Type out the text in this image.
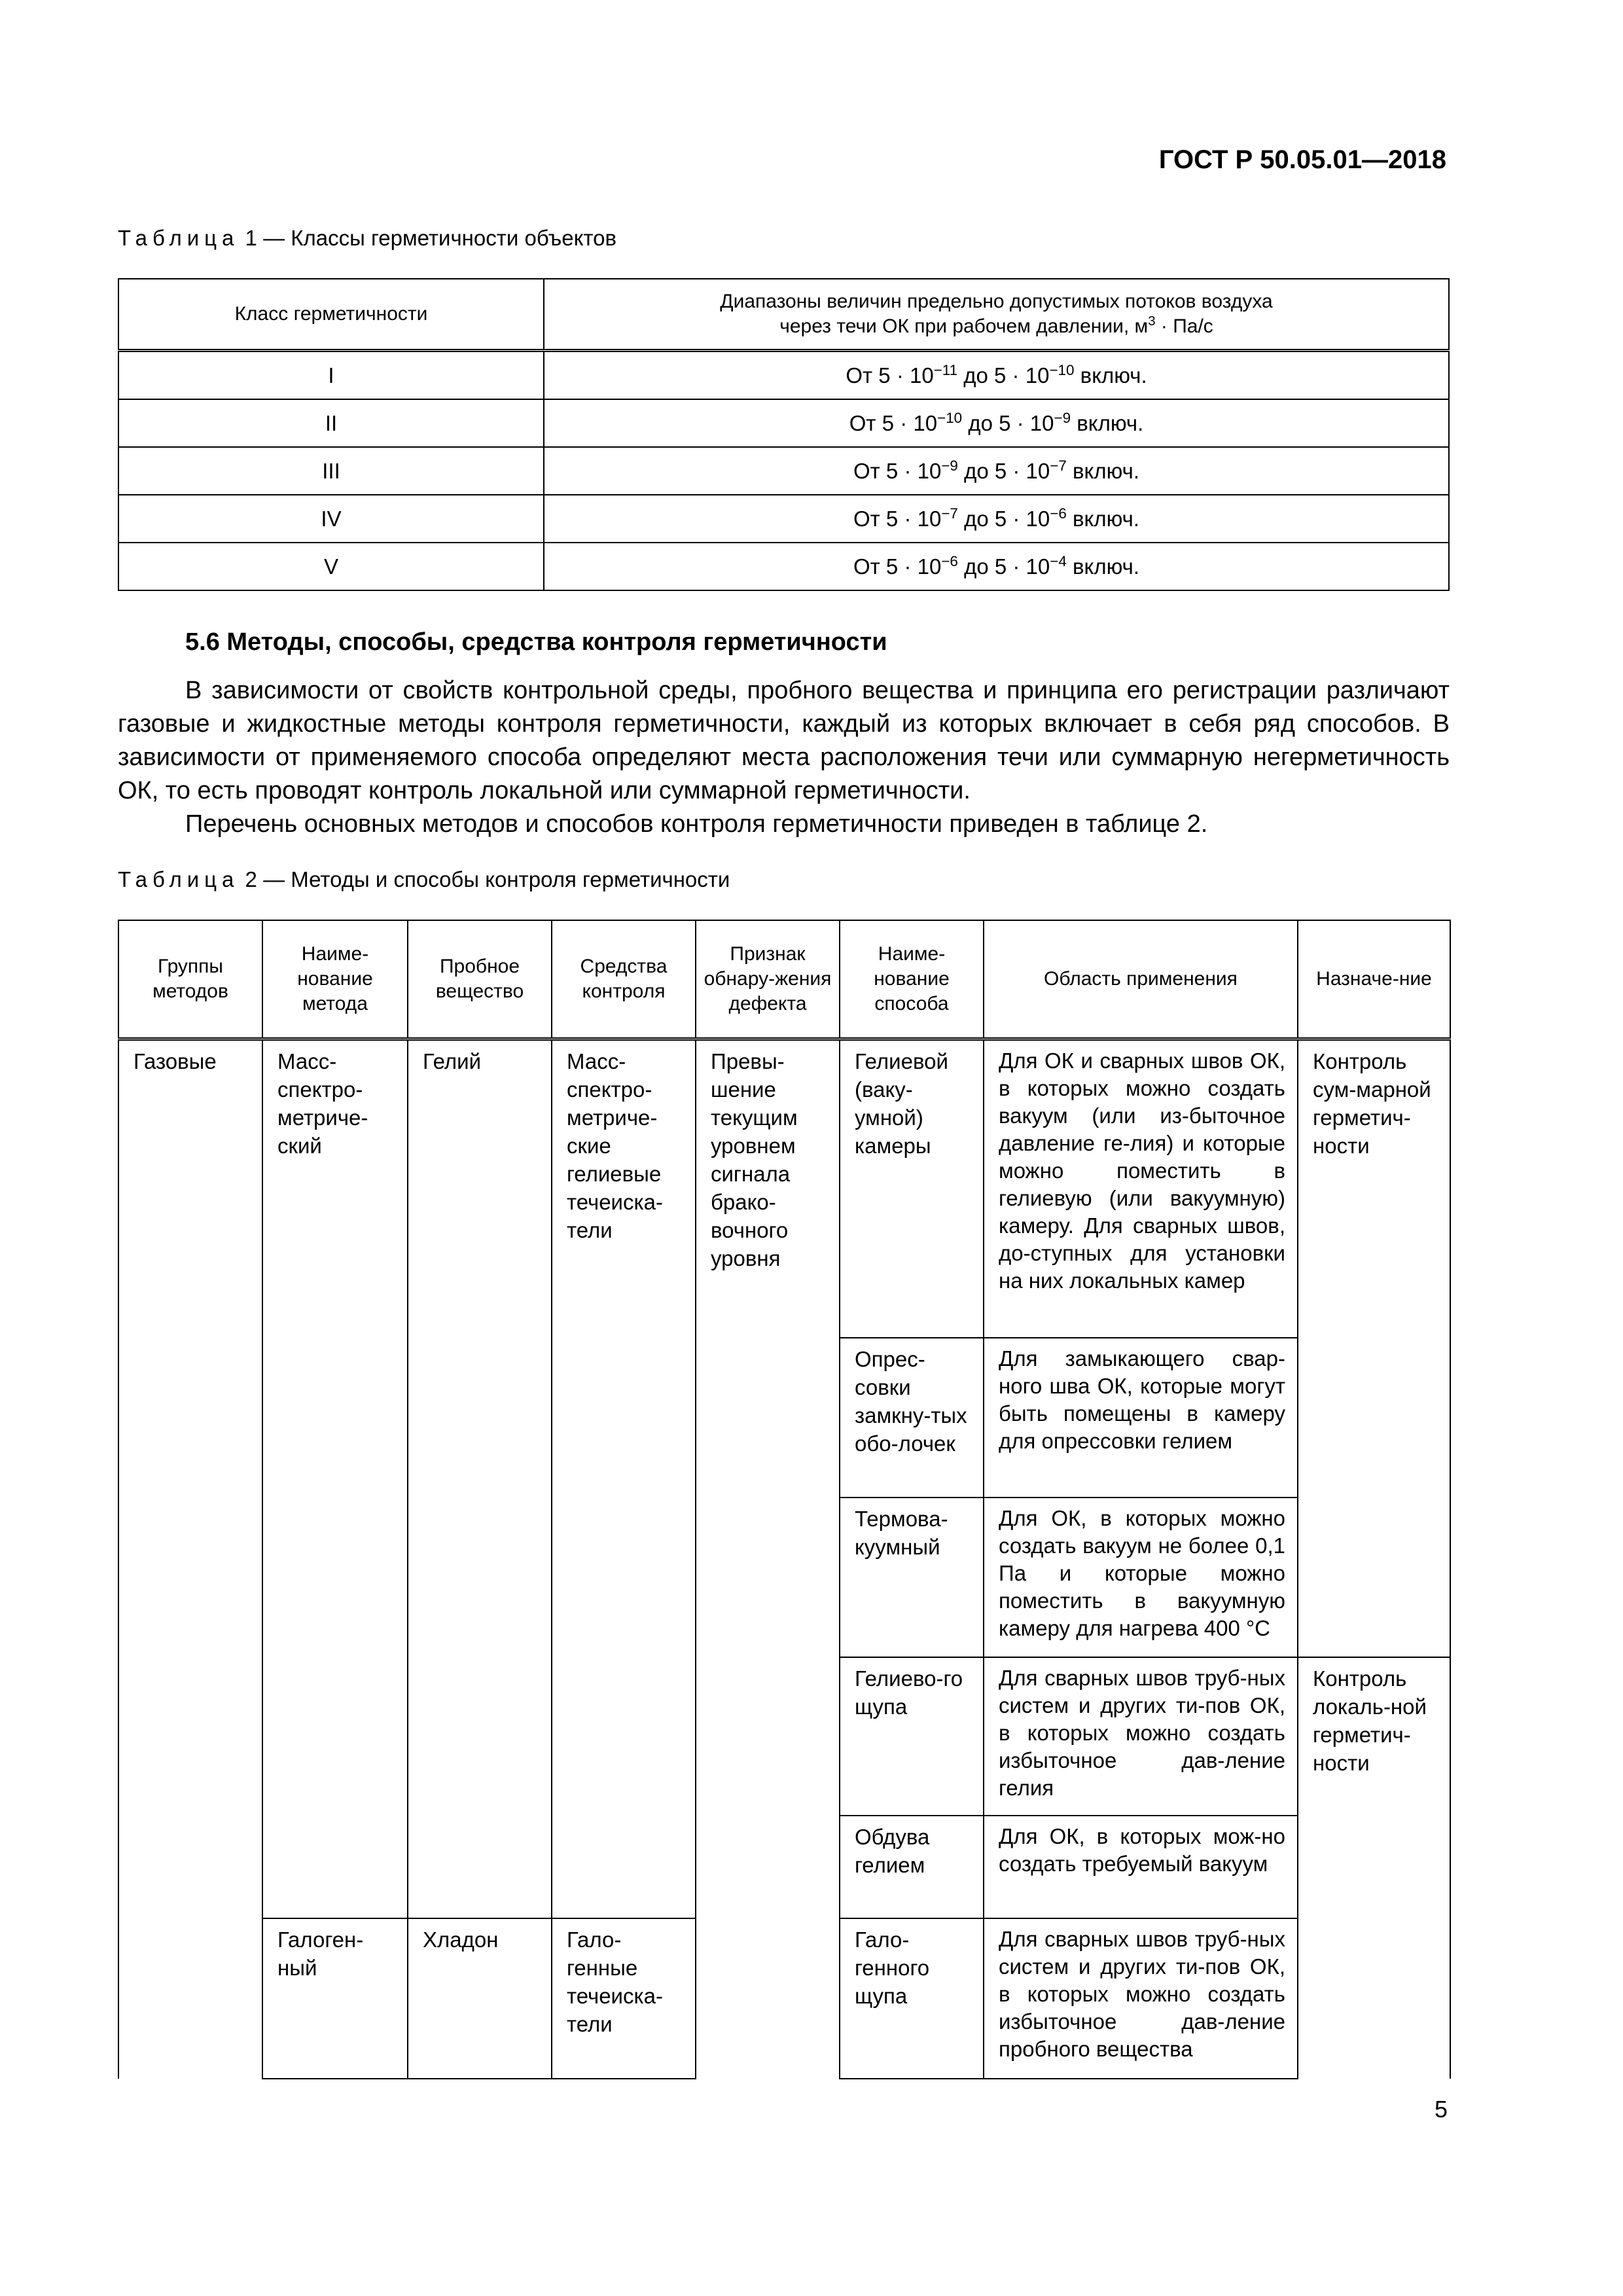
ГОСТ Р 50.05.01—2018
Таблица 1 — Классы герметичности объектов
Класс герметичности	Диапазоны величин предельно допустимых потоков воздуха
через течи ОК при рабочем давлении, $м^3 \cdot Па/с$

I	От $5 \cdot 10^{-11}$ до $5 \cdot 10^{-10}$ включ.
II	От $5 \cdot 10^{-10}$ до $5 \cdot 10^{-9}$ включ.
III	От $5 \cdot 10^{-9}$ до $5 \cdot 10^{-7}$ включ.
IV	От $5 \cdot 10^{-7}$ до $5 \cdot 10^{-6}$ включ.
V	От $5 \cdot 10^{-6}$ до $5 \cdot 10^{-4}$ включ.
5.6 Методы, способы, средства контроля герметичности

В зависимости от свойств контрольной среды, пробного вещества и принципа его регистрации различают газовые и жидкостные методы контроля герметичности, каждый из которых включает в себя ряд способов. В зависимости от применяемого способа определяют места расположения течи или суммарную негерметичность ОК, то есть проводят контроль локальной или суммарной герметичности.

Перечень основных методов и способов контроля герметичности приведен в таблице 2.

Таблица 2 — Методы и способы контроля герметичности
Группы методов	Наиме-нование метода	Пробное вещество	Средства контроля	Признак обнару-жения дефекта	Наиме-нование способа	Область применения	Назначе-ние
Газовые	Масс-спектро-метриче-ский	Гелий	Масс-спектро-метриче-ские гелиевые течеиска-тели	Превы-шение текущим уровнем сигнала брако-вочного уровня	Гелиевой (ваку-умной) камеры	Для ОК и сварных швов ОК, в которых можно создать вакуум (или из-быточное давление ге-лия) и которые можно поместить в гелиевую (или вакуумную) камеру. Для сварных швов, до-ступных для установки на них локальных камер	Контроль сум-марной герметич-ности
					Опрес-совки замкну-тых обо-лочек	Для замыкающего свар-ного шва ОК, которые могут быть помещены в камеру для опрессовки гелием	
					Термова-куумный	Для ОК, в которых можно создать вакуум не более 0,1 Па и которые можно поместить в вакуумную камеру для нагрева 400 °С	
					Гелиево-го щупа	Для сварных швов труб-ных систем и других ти-пов ОК, в которых можно создать избыточное дав-ление гелия	Контроль локаль-ной герметич-ности
					Обдува гелием	Для ОК, в которых мож-но создать требуемый вакуум	
	Галоген-ный	Хладон	Гало-генные течеиска-тели		Гало-генного щупа	Для сварных швов труб-ных систем и других ти-пов ОК, в которых можно создать избыточное дав-ление пробного вещества	
5
